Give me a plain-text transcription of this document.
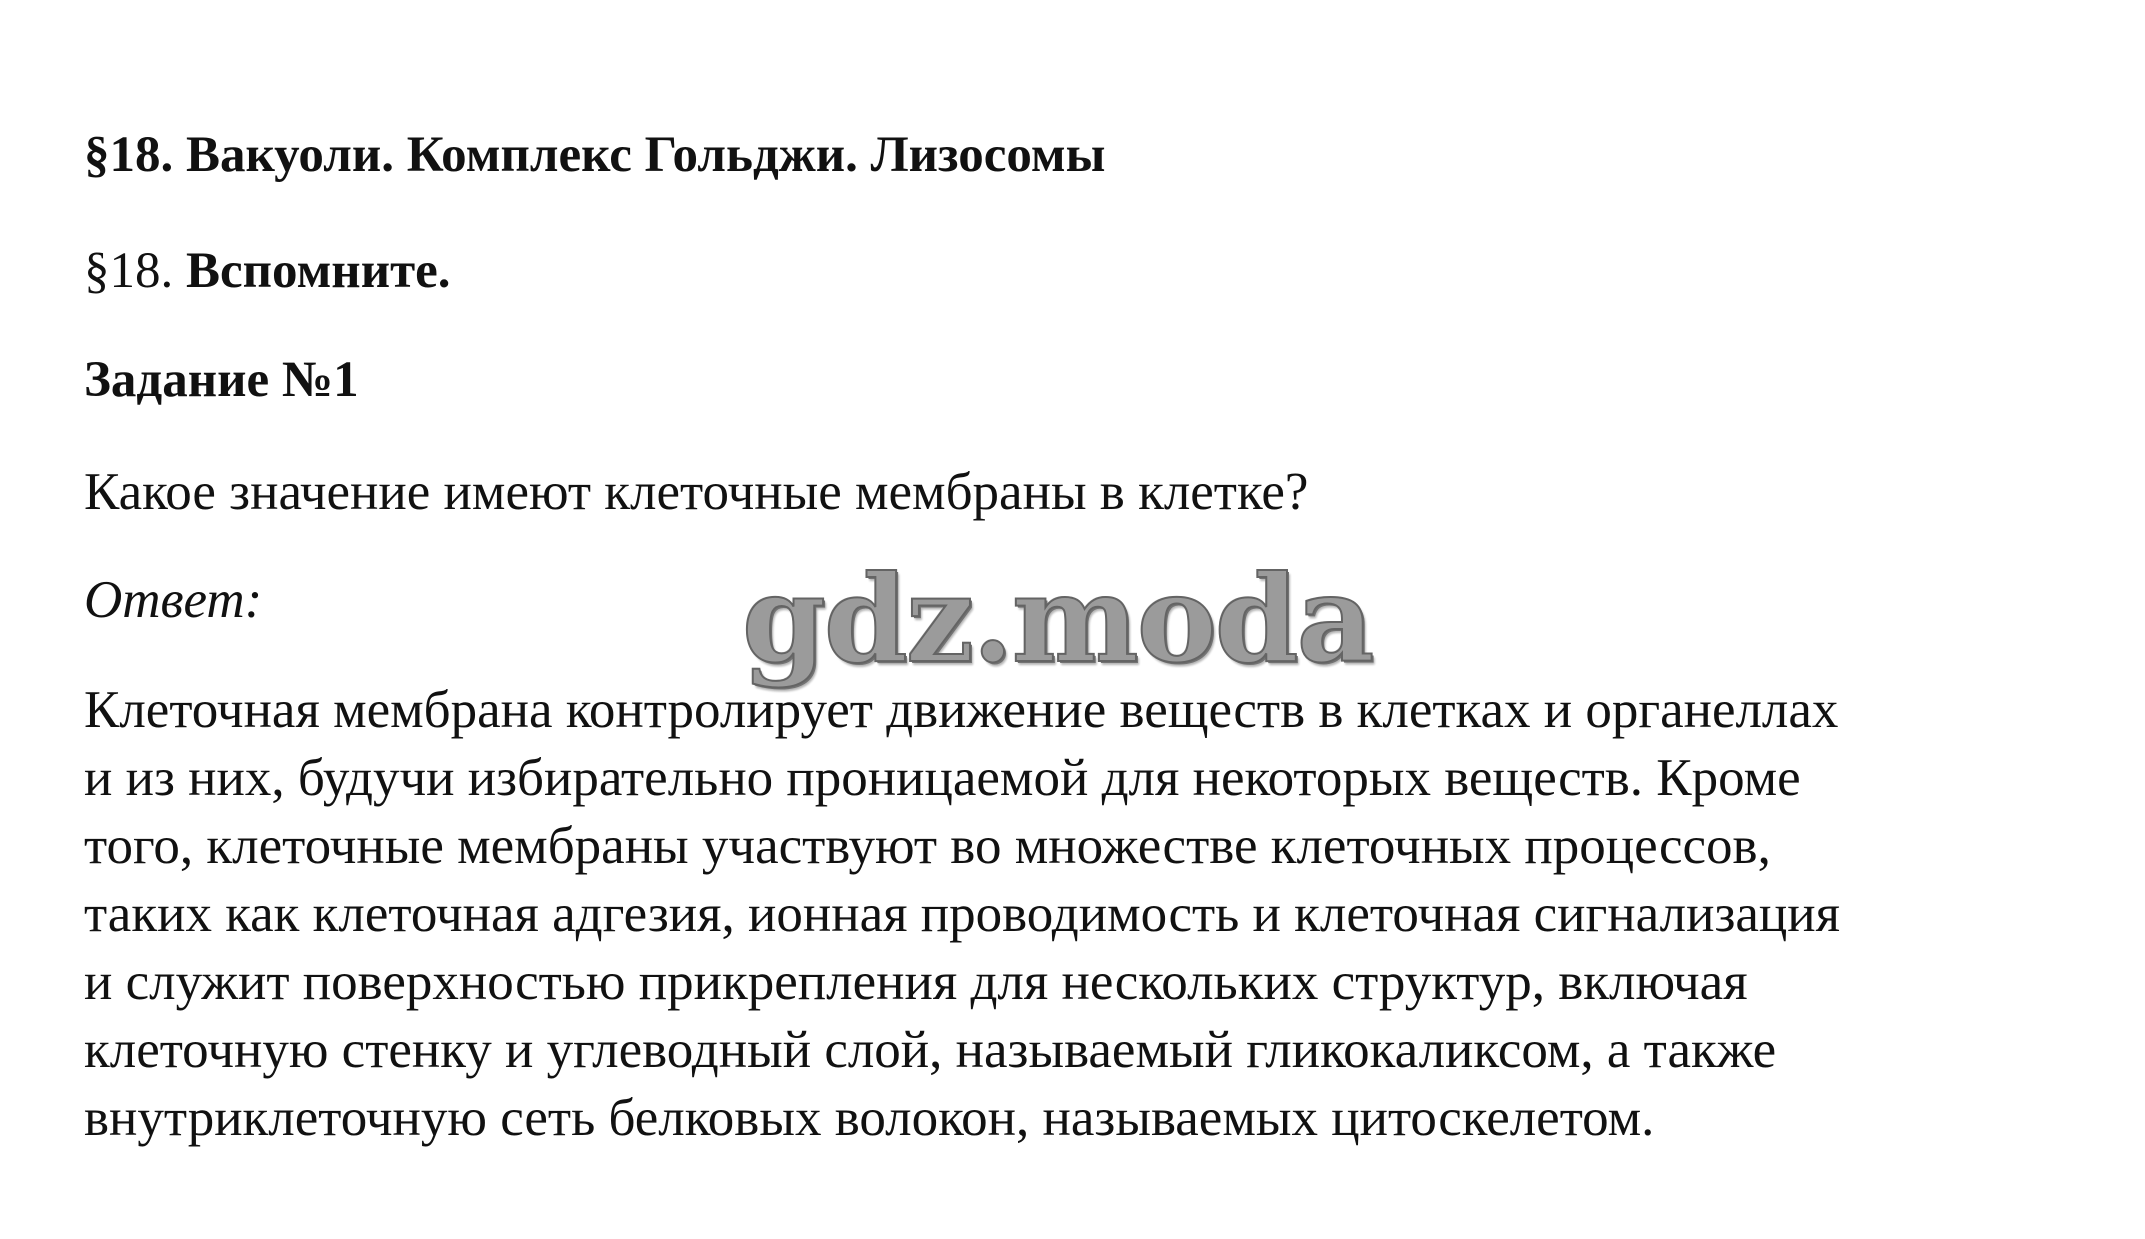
§18. Вакуоли. Комплекс Гольджи. Лизосомы
§18. Вспомните.
Задание №1
Какое значение имеют клеточные мембраны в клетке?
Ответ:
Клеточная мембрана контролирует движение веществ в клетках и органеллах
и из них, будучи избирательно проницаемой для некоторых веществ. Кроме
того, клеточные мембраны участвуют во множестве клеточных процессов,
таких как клеточная адгезия, ионная проводимость и клеточная сигнализация
и служит поверхностью прикрепления для нескольких структур, включая
клеточную стенку и углеводный слой, называемый гликокаликсом, а также
внутриклеточную сеть белковых волокон, называемых цитоскелетом.
gdz.moda
